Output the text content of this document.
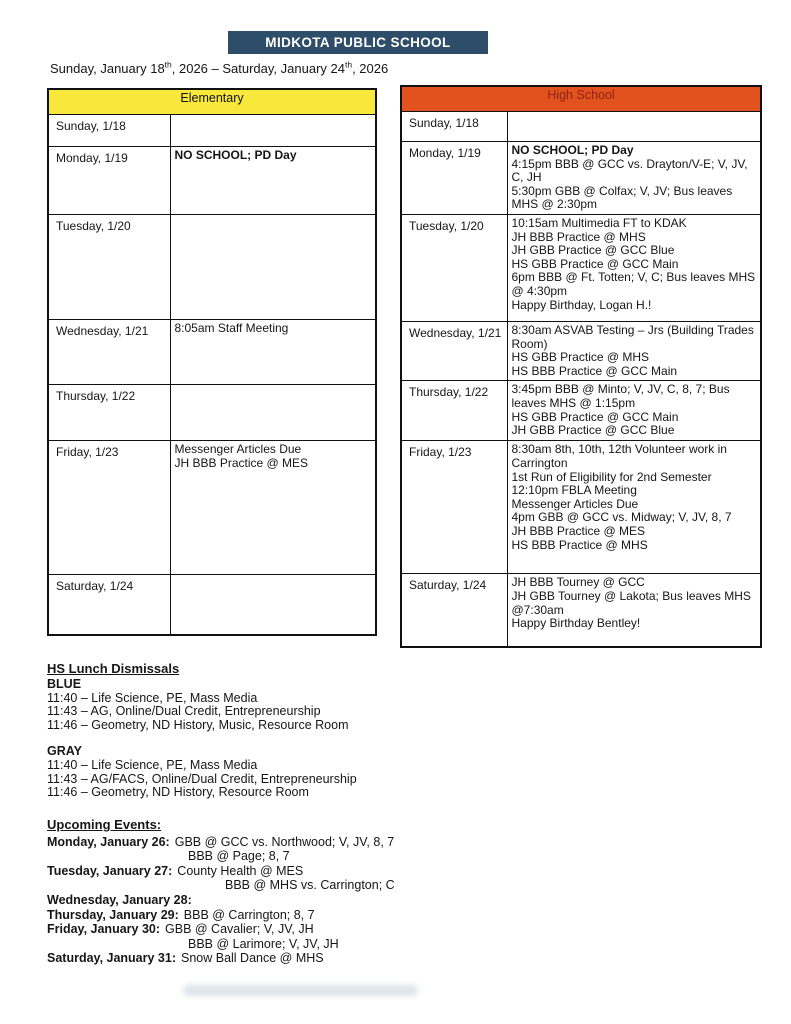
MIDKOTA PUBLIC SCHOOL
Sunday, January 18th, 2026 – Saturday, January 24th, 2026
Elementary	
Sunday, 1/18	
Monday, 1/19	NO SCHOOL; PD Day

Tuesday, 1/20	
Wednesday, 1/21	8:05am Staff Meeting

Thursday, 1/22	
Friday, 1/23	Messenger Articles Due
JH BBB Practice @ MES

Saturday, 1/24	
High School	
Sunday, 1/18	
Monday, 1/19	NO SCHOOL; PD Day
4:15pm BBB @ GCC vs. Drayton/V-E; V, JV, C, JH
5:30pm GBB @ Colfax; V, JV; Bus leaves MHS @ 2:30pm

Tuesday, 1/20	10:15am Multimedia FT to KDAK
JH BBB Practice @ MHS
JH GBB Practice @ GCC Blue
HS GBB Practice @ GCC Main
6pm BBB @ Ft. Totten; V, C; Bus leaves MHS @ 4:30pm
Happy Birthday, Logan H.!

Wednesday, 1/21	8:30am ASVAB Testing – Jrs (Building Trades Room)
HS GBB Practice @ MHS
HS BBB Practice @ GCC Main

Thursday, 1/22	3:45pm BBB @ Minto; V, JV, C, 8, 7; Bus leaves MHS @ 1:15pm
HS GBB Practice @ GCC Main
JH GBB Practice @ GCC Blue

Friday, 1/23	8:30am 8th, 10th, 12th Volunteer work in Carrington
1st Run of Eligibility for 2nd Semester
12:10pm FBLA Meeting
Messenger Articles Due
4pm GBB @ GCC vs. Midway; V, JV, 8, 7
JH BBB Practice @ MES
HS BBB Practice @ MHS

Saturday, 1/24	JH BBB Tourney @ GCC
JH GBB Tourney @ Lakota; Bus leaves MHS @7:30am
Happy Birthday Bentley!
HS Lunch Dismissals
BLUE
11:40 – Life Science, PE, Mass Media
11:43 – AG, Online/Dual Credit, Entrepreneurship
11:46 – Geometry, ND History, Music, Resource Room
GRAY
11:40 – Life Science, PE, Mass Media
11:43 – AG/FACS, Online/Dual Credit, Entrepreneurship
11:46 – Geometry, ND History, Resource Room
Upcoming Events:
Monday, January 26: GBB @ GCC vs. Northwood; V, JV, 8, 7
BBB @ Page; 8, 7
Tuesday, January 27: County Health @ MES
BBB @ MHS vs. Carrington; C
Wednesday, January 28:
Thursday, January 29: BBB @ Carrington; 8, 7
Friday, January 30: GBB @ Cavalier; V, JV, JH
BBB @ Larimore; V, JV, JH
Saturday, January 31: Snow Ball Dance @ MHS
